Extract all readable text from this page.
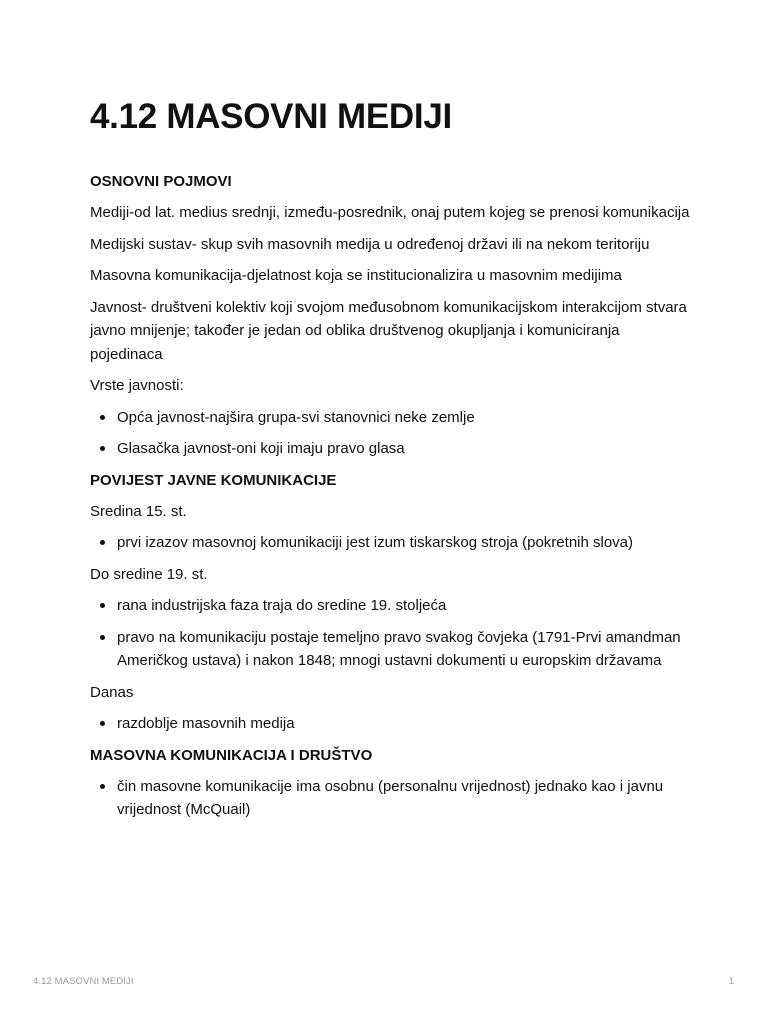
4.12 MASOVNI MEDIJI
OSNOVNI POJMOVI

Mediji-od lat. medius srednji, između-posrednik, onaj putem kojeg se prenosi komunikacija

Medijski sustav- skup svih masovnih medija u određenoj državi ili na nekom teritoriju

Masovna komunikacija-djelatnost koja se institucionalizira u masovnim medijima

Javnost- društveni kolektiv koji svojom međusobnom komunikacijskom interakcijom stvara javno mnijenje; također je jedan od oblika društvenog okupljanja i komuniciranja pojedinaca

Vrste javnosti:

Opća javnost-najšira grupa-svi stanovnici neke zemlje
Glasačka javnost-oni koji imaju pravo glasa
POVIJEST JAVNE KOMUNIKACIJE

Sredina 15. st.

prvi izazov masovnoj komunikaciji jest izum tiskarskog stroja (pokretnih slova)

Do sredine 19. st.

rana industrijska faza traja do sredine 19. stoljeća
pravo na komunikaciju postaje temeljno pravo svakog čovjeka (1791-Prvi amandman Američkog ustava) i nakon 1848; mnogi ustavni dokumenti u europskim državama

Danas

razdoblje masovnih medija
MASOVNA KOMUNIKACIJA I DRUŠTVO
čin masovne komunikacije ima osobnu (personalnu vrijednost) jednako kao i javnu vrijednost (McQuail)
4.12 MASOVNI MEDIJI	1
